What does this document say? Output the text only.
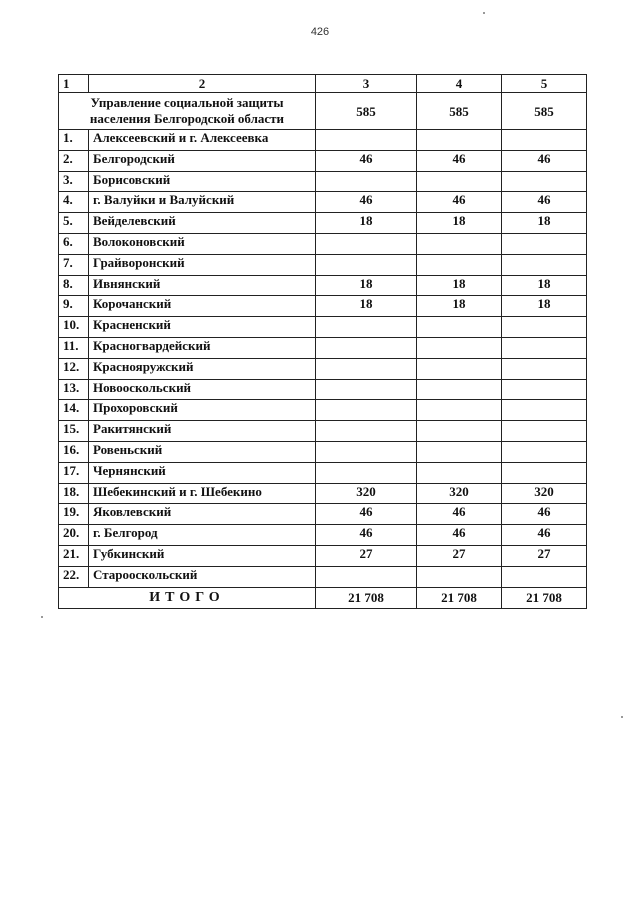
426
1	2	3	4	5

Управление социальной защиты
населения Белгородской области		585	585	585
1.	Алексеевский и г. Алексеевка			
2.	Белгородский	46	46	46
3.	Борисовский			
4.	г. Валуйки и Валуйский	46	46	46
5.	Вейделевский	18	18	18
6.	Волоконовский			
7.	Грайворонский			
8.	Ивнянский	18	18	18
9.	Корочанский	18	18	18
10.	Красненский			
11.	Красногвардейский			
12.	Краснояружский			
13.	Новооскольский			
14.	Прохоровский			
15.	Ракитянский			
16.	Ровеньский			
17.	Чернянский			
18.	Шебекинский и г. Шебекино	320	320	320
19.	Яковлевский	46	46	46
20.	г. Белгород	46	46	46
21.	Губкинский	27	27	27
22.	Старооскольский			
ИТОГО		21 708	21 708	21 708
